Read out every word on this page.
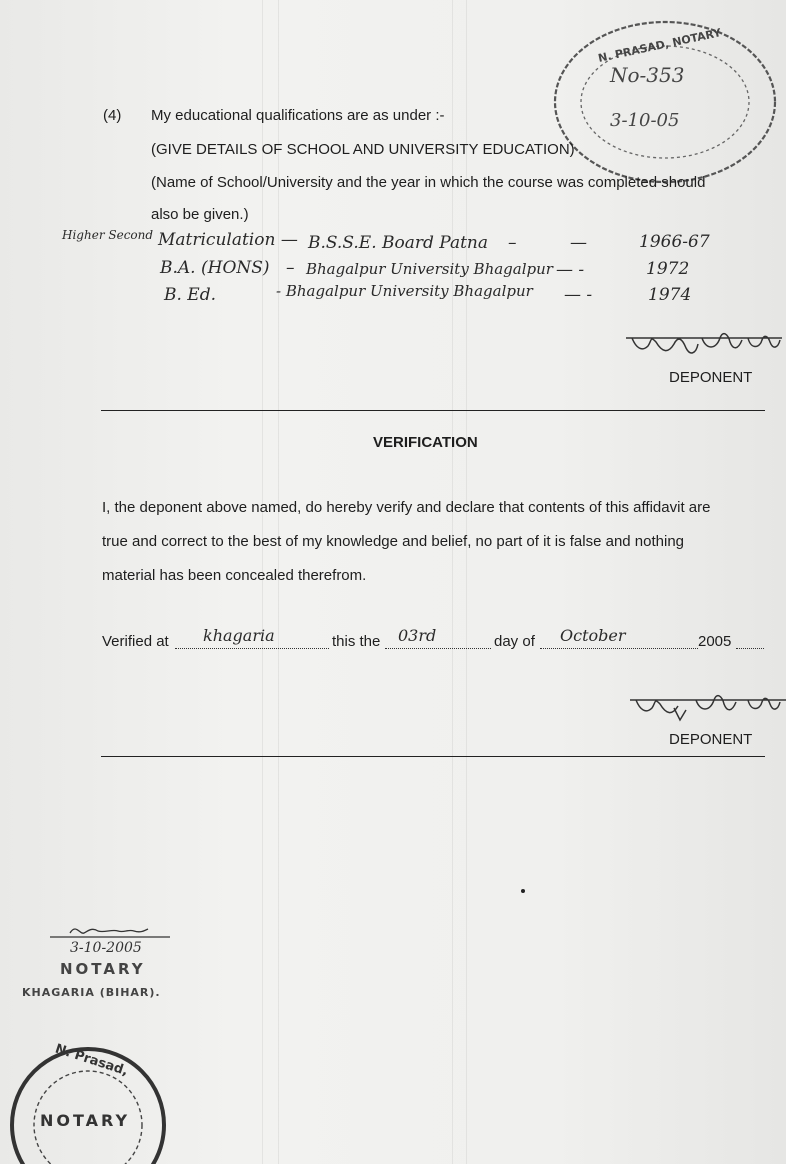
N. PRASAD, NOTARY
No-353
3-10-05
(4) My educational qualifications are as under :-
(GIVE DETAILS OF SCHOOL AND UNIVERSITY EDUCATION)
(Name of School/University and the year in which the course was completed should
also be given.)
Higher Second Matriculation — B.S.S.E. Board Patna –	—	1966-67
B.A. (HONS) – Bhagalpur University Bhagalpur — -	1972
B. Ed.	- Bhagalpur University Bhagalpur — -	1974
DEPONENT
VERIFICATION
I, the deponent above named, do hereby verify and declare that contents of this affidavit are
true and correct to the best of my knowledge and belief, no part of it is false and nothing
material has been concealed therefrom.
Verified at khagaria	this the 03rd	day of October	2005
DEPONENT
3-10-2005
NOTARY
KHAGARIA (BIHAR).
N. Prasad,
NOTARY
